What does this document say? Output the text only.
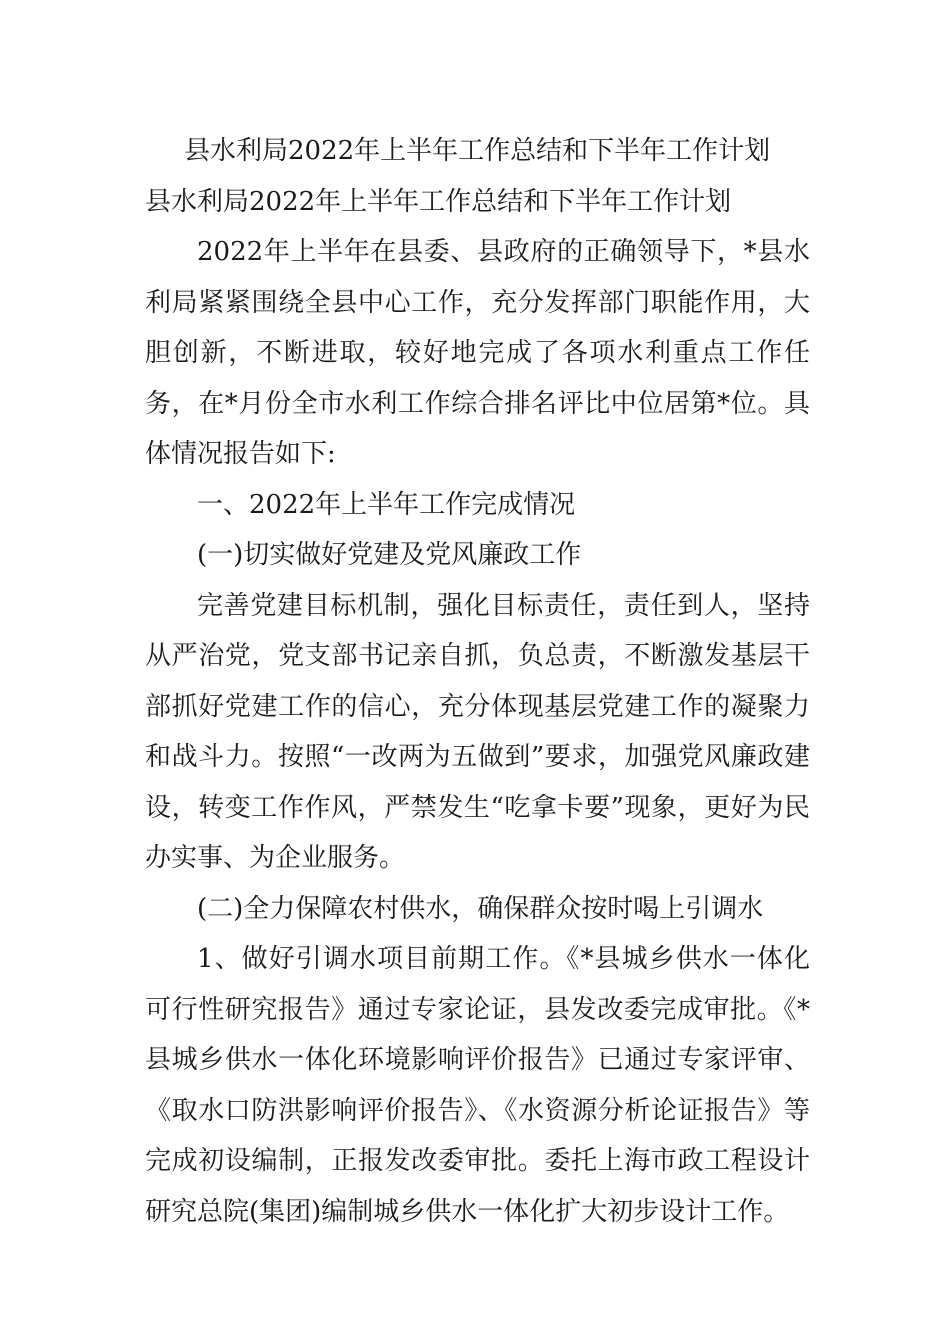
县水利局2022年上半年工作总结和下半年工作计划

县水利局2022年上半年工作总结和下半年工作计划

2022年上半年在县委、县政府的正确领导下，*县水利局紧紧围绕全县中心工作，充分发挥部门职能作用，大胆创新，不断进取，较好地完成了各项水利重点工作任务，在*月份全市水利工作综合排名评比中位居第*位。具体情况报告如下:

一、2022年上半年工作完成情况

(一)切实做好党建及党风廉政工作

完善党建目标机制，强化目标责任，责任到人，坚持从严治党，党支部书记亲自抓，负总责，不断激发基层干部抓好党建工作的信心，充分体现基层党建工作的凝聚力和战斗力。按照“一改两为五做到”要求，加强党风廉政建设，转变工作作风，严禁发生“吃拿卡要”现象，更好为民办实事、为企业服务。

(二)全力保障农村供水，确保群众按时喝上引调水

1、做好引调水项目前期工作。《*县城乡供水一体化可行性研究报告》通过专家论证，县发改委完成审批。《*县城乡供水一体化环境影响评价报告》已通过专家评审、《取水口防洪影响评价报告》、《水资源分析论证报告》等完成初设编制，正报发改委审批。委托上海市政工程设计研究总院(集团)编制城乡供水一体化扩大初步设计工作。
